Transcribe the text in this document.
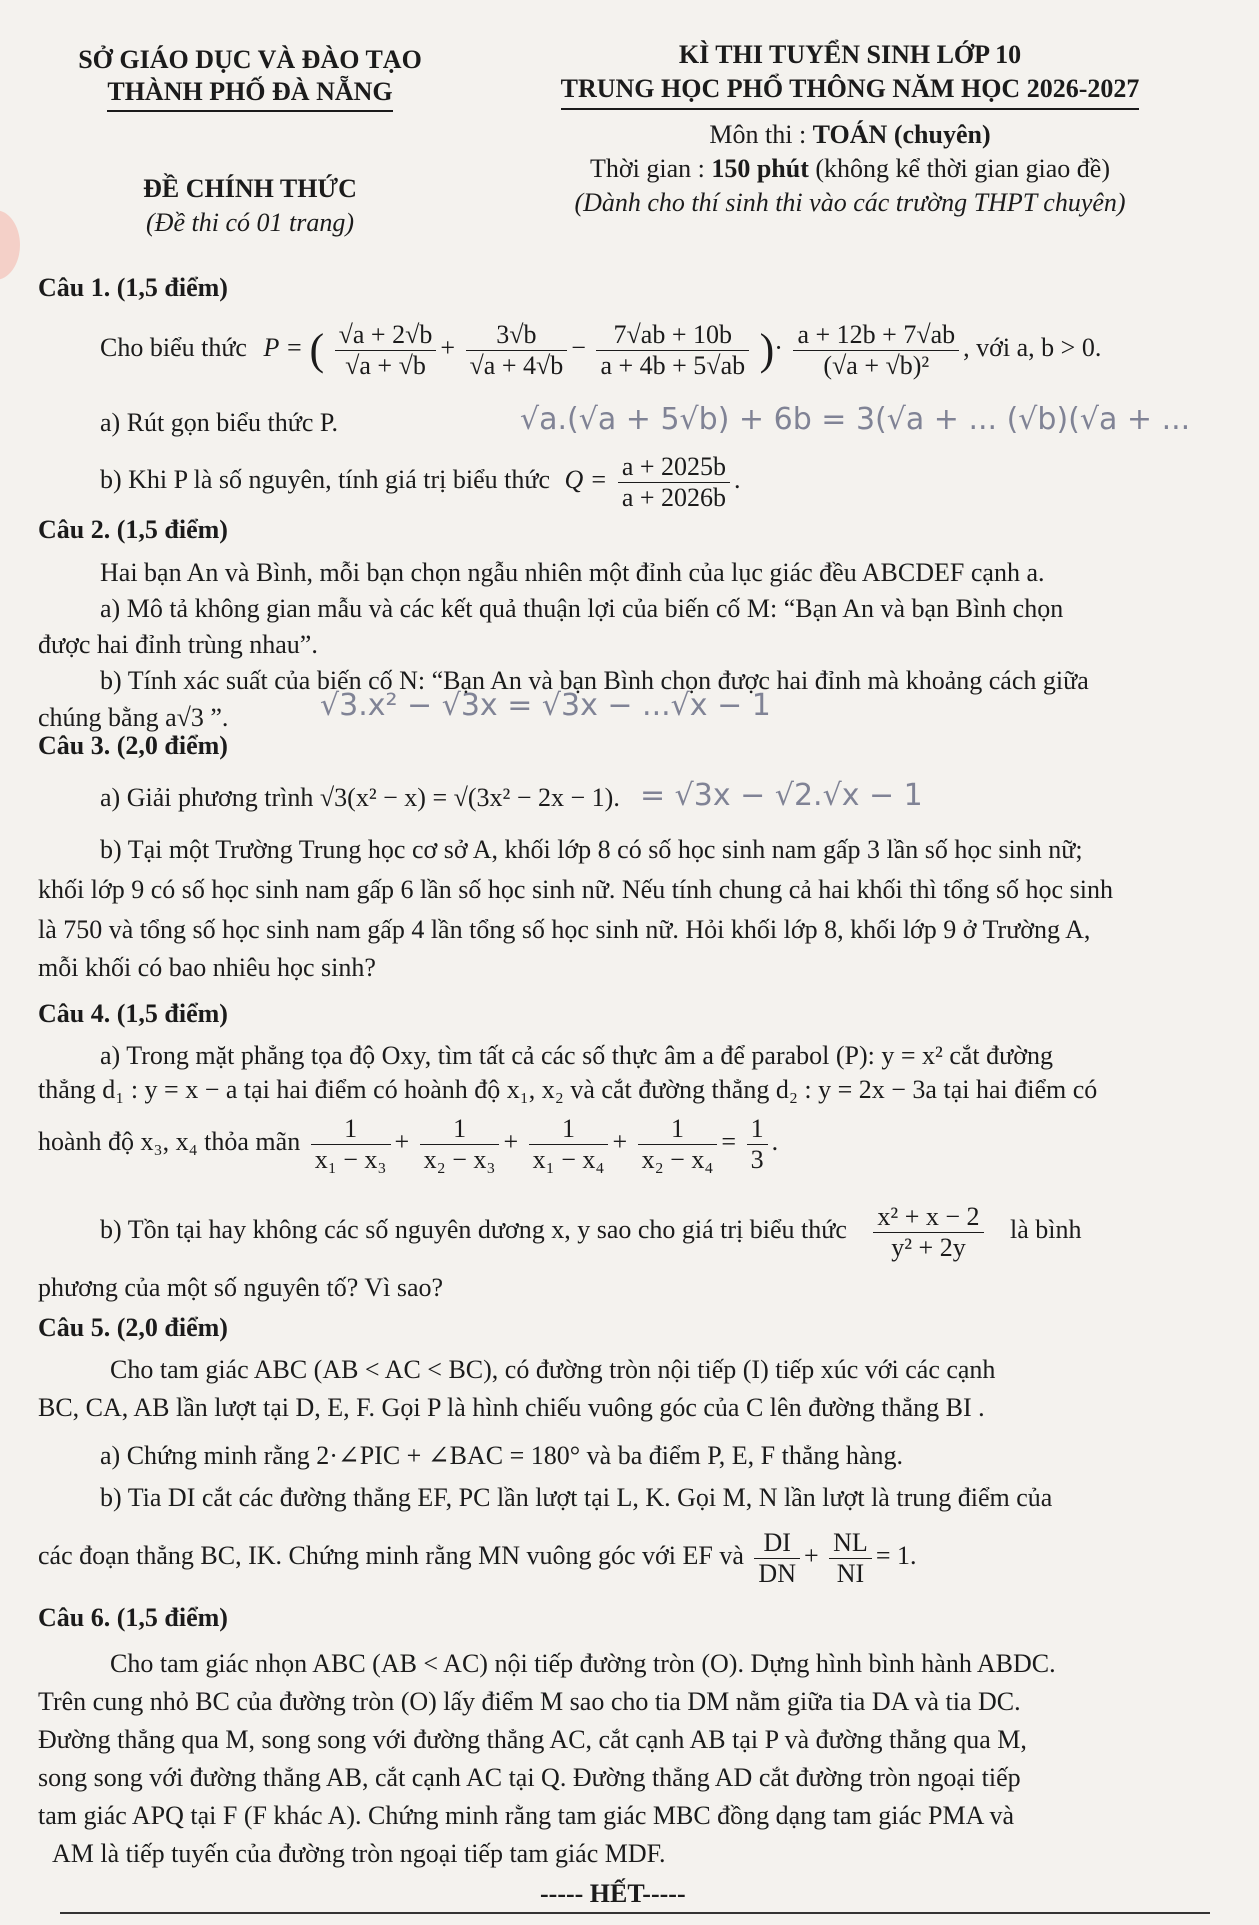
SỞ GIÁO DỤC VÀ ĐÀO TẠO
THÀNH PHỐ ĐÀ NẴNG
KÌ THI TUYỂN SINH LỚP 10
TRUNG HỌC PHỔ THÔNG NĂM HỌC 2026-2027
Môn thi : TOÁN (chuyên)
Thời gian : 150 phút (không kể thời gian giao đề)
(Dành cho thí sinh thi vào các trường THPT chuyên)
ĐỀ CHÍNH THỨC
(Đề thi có 01 trang)
Câu 1. (1,5 điểm)
Cho biểu thức P = ( $\frac{√a + 2√b}{√a + √b} + \frac{3√b}{√a + 4√b} - \frac{7√ab + 10b}{a + 4b + 5√ab}$ )· $\frac{a + 12b + 7√ab}{\text{(√a + √b)²}}$ , với a, b > 0.
a) Rút gọn biểu thức P.	√a.(√a + 5√b) + 6b = 3(√a + ... (√b)(√a + ...
b) Khi P là số nguyên, tính giá trị biểu thức $Q = \frac{a + 2025b}{a + 2026b}$ .
Câu 2. (1,5 điểm)
Hai bạn An và Bình, mỗi bạn chọn ngẫu nhiên một đỉnh của lục giác đều ABCDEF cạnh a.
a) Mô tả không gian mẫu và các kết quả thuận lợi của biến cố M: “Bạn An và bạn Bình chọn
được hai đỉnh trùng nhau”.
b) Tính xác suất của biến cố N: “Bạn An và bạn Bình chọn được hai đỉnh mà khoảng cách giữa
chúng bằng a√3 ”.	√3.x² − √3x = √3x − ...√x − 1
Câu 3. (2,0 điểm)
a) Giải phương trình √3(x² − x) = √(3x² − 2x − 1). = √3x − √2.√x − 1
b) Tại một Trường Trung học cơ sở A, khối lớp 8 có số học sinh nam gấp 3 lần số học sinh nữ;
khối lớp 9 có số học sinh nam gấp 6 lần số học sinh nữ. Nếu tính chung cả hai khối thì tổng số học sinh
là 750 và tổng số học sinh nam gấp 4 lần tổng số học sinh nữ. Hỏi khối lớp 8, khối lớp 9 ở Trường A,
mỗi khối có bao nhiêu học sinh?
Câu 4. (1,5 điểm)
a) Trong mặt phẳng tọa độ Oxy, tìm tất cả các số thực âm a để parabol (P): y = x² cắt đường
thẳng d₁ : y = x − a tại hai điểm có hoành độ x₁, x₂ và cắt đường thẳng d₂ : y = 2x − 3a tại hai điểm có
hoành độ x₃, x₄ thỏa mãn $\frac{1}{\text{x₁ − x₃}} + \frac{1}{\text{x₂ − x₃}} + \frac{1}{\text{x₁ − x₄}} + \frac{1}{\text{x₂ − x₄}} = \frac{1}{3}$ .
b) Tồn tại hay không các số nguyên dương x, y sao cho giá trị biểu thức $\frac{\text{x² + x − 2}}{\text{y² + 2y}}$ là bình
phương của một số nguyên tố? Vì sao?
Câu 5. (2,0 điểm)
Cho tam giác ABC (AB < AC < BC), có đường tròn nội tiếp (I) tiếp xúc với các cạnh
BC, CA, AB lần lượt tại D, E, F. Gọi P là hình chiếu vuông góc của C lên đường thẳng BI .
a) Chứng minh rằng 2·∠PIC + ∠BAC = 180° và ba điểm P, E, F thẳng hàng.
b) Tia DI cắt các đường thẳng EF, PC lần lượt tại L, K. Gọi M, N lần lượt là trung điểm của
các đoạn thẳng BC, IK. Chứng minh rằng MN vuông góc với EF và $\frac{DI}{DN} + \frac{NL}{NI} = 1$.
Câu 6. (1,5 điểm)
Cho tam giác nhọn ABC (AB < AC) nội tiếp đường tròn (O). Dựng hình bình hành ABDC.
Trên cung nhỏ BC của đường tròn (O) lấy điểm M sao cho tia DM nằm giữa tia DA và tia DC.
Đường thẳng qua M, song song với đường thẳng AC, cắt cạnh AB tại P và đường thẳng qua M,
song song với đường thẳng AB, cắt cạnh AC tại Q. Đường thẳng AD cắt đường tròn ngoại tiếp
tam giác APQ tại F (F khác A). Chứng minh rằng tam giác MBC đồng dạng tam giác PMA và
AM là tiếp tuyến của đường tròn ngoại tiếp tam giác MDF.
----- HẾT-----
